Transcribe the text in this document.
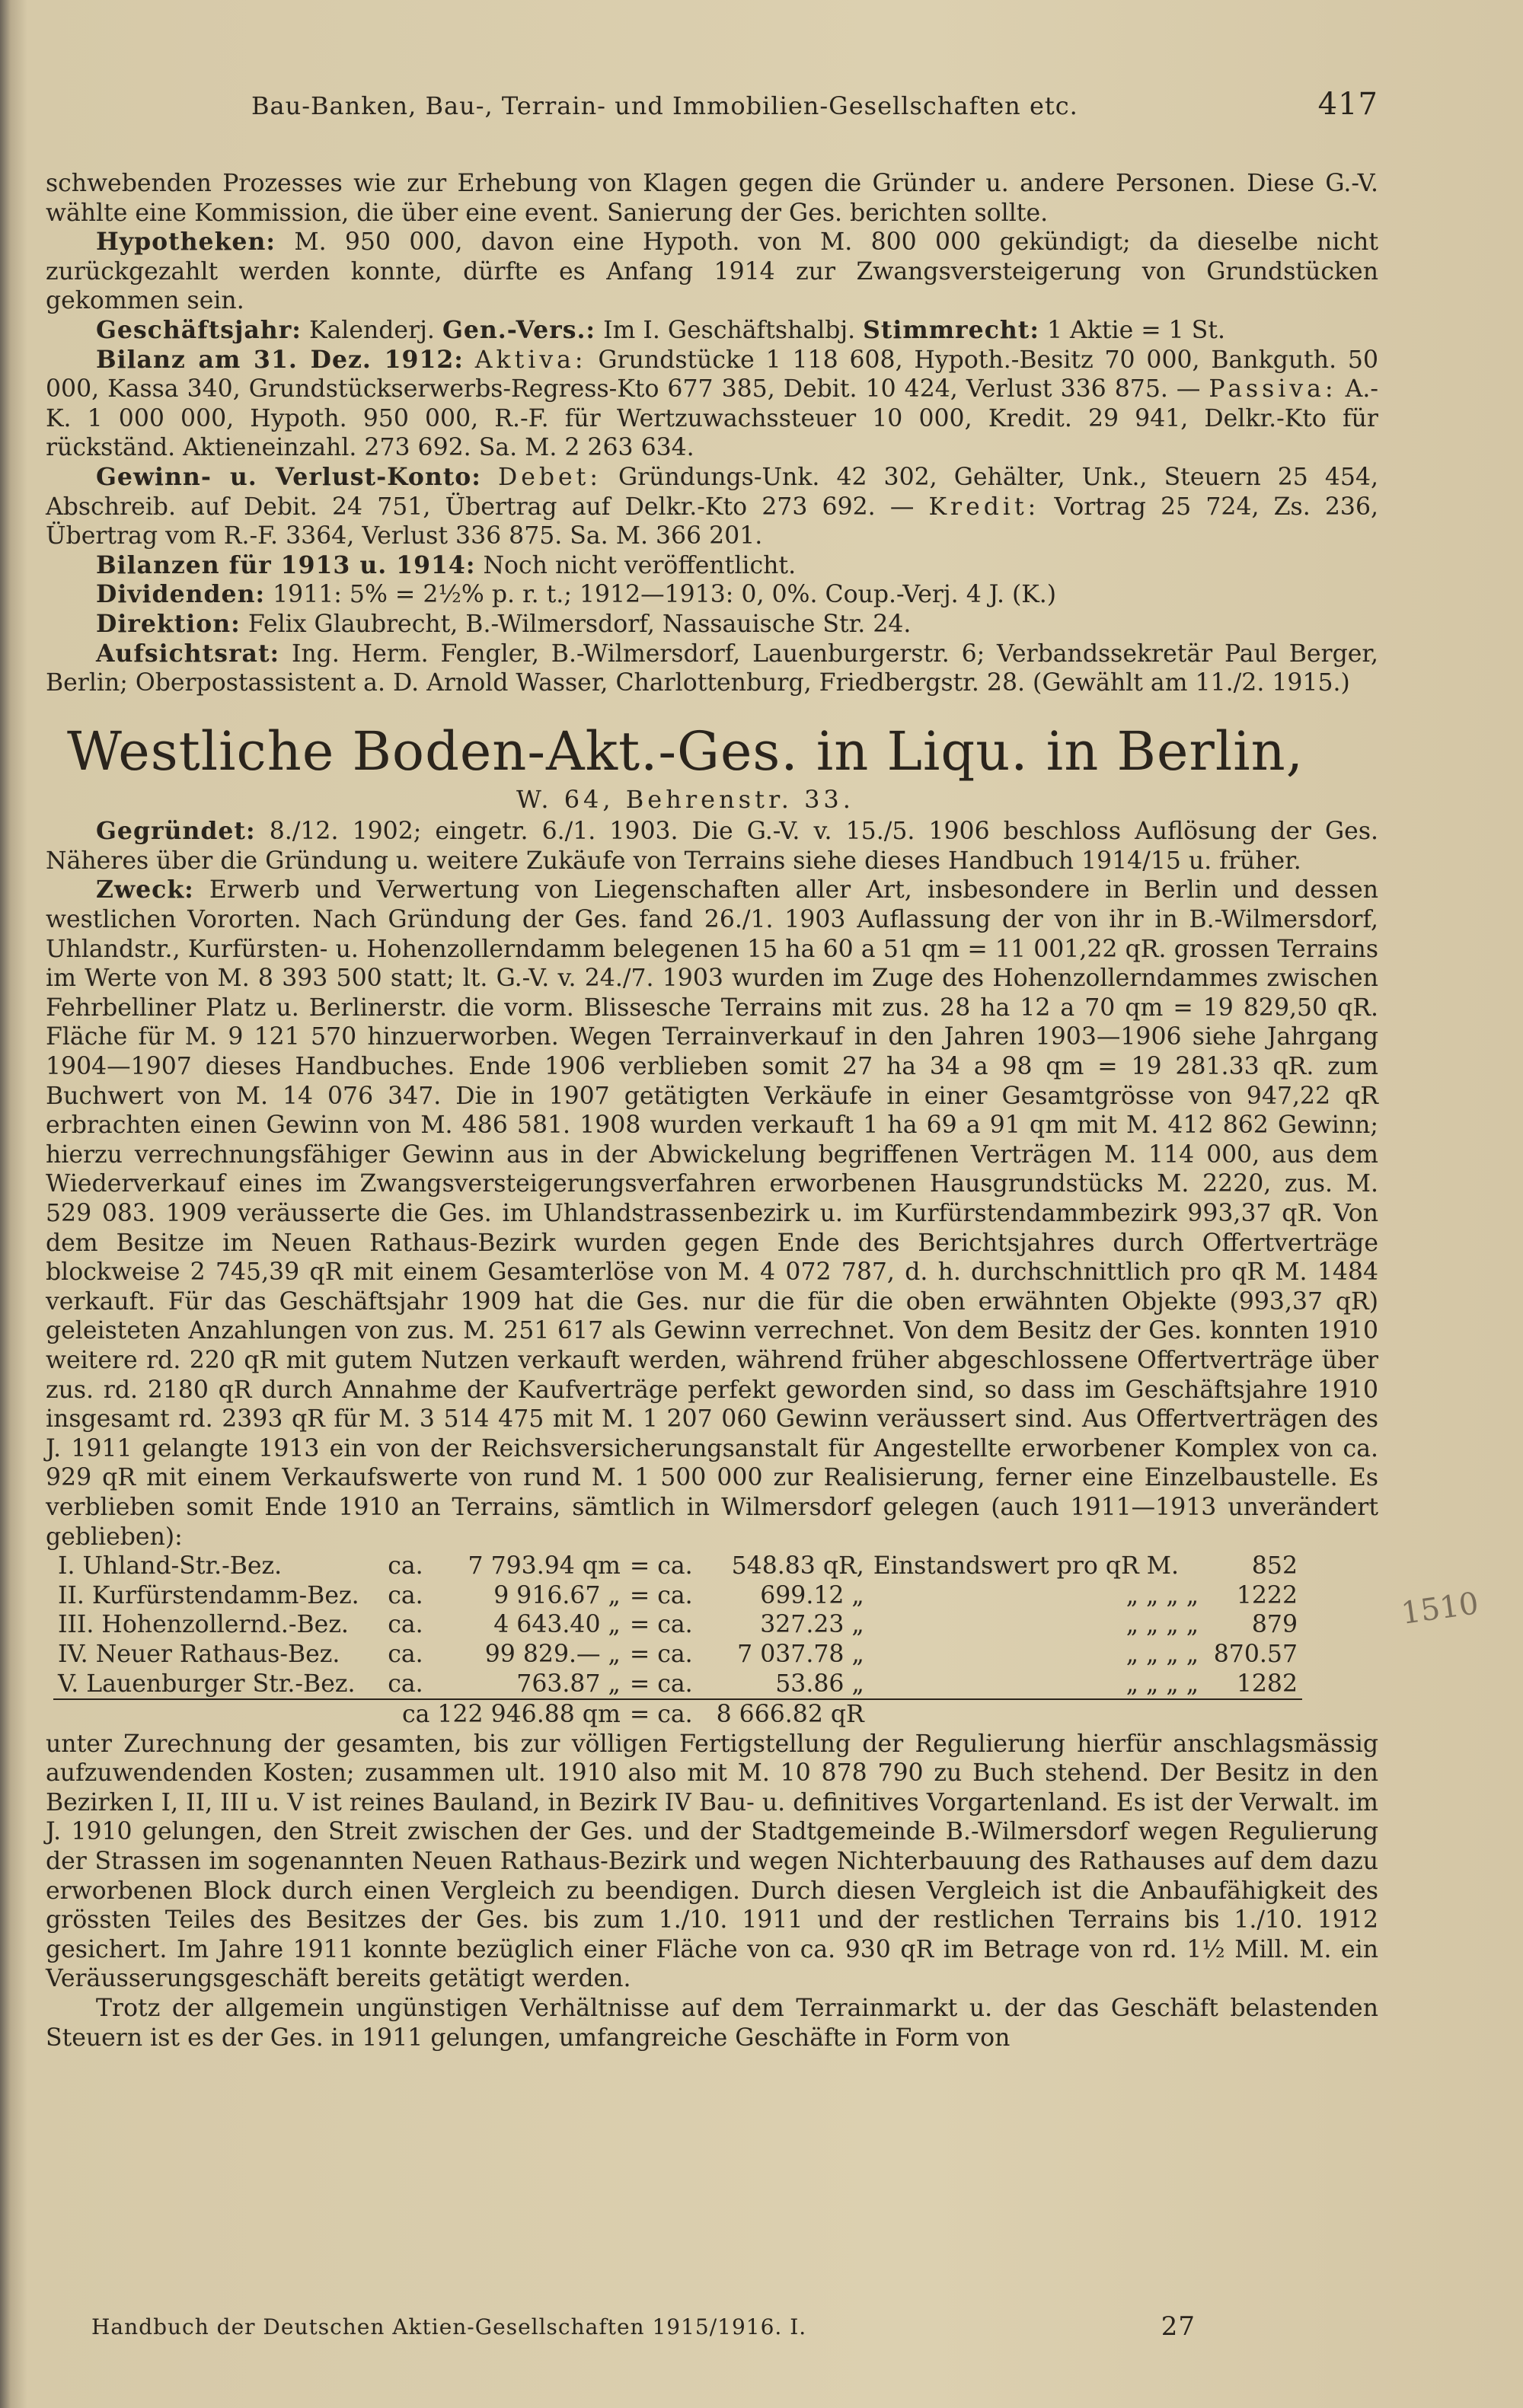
Bau-Banken, Bau-, Terrain- und Immobilien-Gesellschaften etc.	417

schwebenden Prozesses wie zur Erhebung von Klagen gegen die Gründer u. andere Personen. Diese G.-V. wählte eine Kommission, die über eine event. Sanierung der Ges. berichten sollte.

Hypotheken: M. 950 000, davon eine Hypoth. von M. 800 000 gekündigt; da dieselbe nicht zurückgezahlt werden konnte, dürfte es Anfang 1914 zur Zwangsversteigerung von Grundstücken gekommen sein.

Geschäftsjahr: Kalenderj. Gen.-Vers.: Im I. Geschäftshalbj. Stimmrecht: 1 Aktie = 1 St.

Bilanz am 31. Dez. 1912: Aktiva: Grundstücke 1 118 608, Hypoth.-Besitz 70 000, Bankguth. 50 000, Kassa 340, Grundstückserwerbs-Regress-Kto 677 385, Debit. 10 424, Verlust 336 875. — Passiva: A.-K. 1 000 000, Hypoth. 950 000, R.-F. für Wertzuwachssteuer 10 000, Kredit. 29 941, Delkr.-Kto für rückständ. Aktieneinzahl. 273 692. Sa. M. 2 263 634.

Gewinn- u. Verlust-Konto: Debet: Gründungs-Unk. 42 302, Gehälter, Unk., Steuern 25 454, Abschreib. auf Debit. 24 751, Übertrag auf Delkr.-Kto 273 692. — Kredit: Vortrag 25 724, Zs. 236, Übertrag vom R.-F. 3364, Verlust 336 875. Sa. M. 366 201.

Bilanzen für 1913 u. 1914: Noch nicht veröffentlicht.

Dividenden: 1911: 5% = 2½% p. r. t.; 1912—1913: 0, 0%. Coup.-Verj. 4 J. (K.)

Direktion: Felix Glaubrecht, B.-Wilmersdorf, Nassauische Str. 24.

Aufsichtsrat: Ing. Herm. Fengler, B.-Wilmersdorf, Lauenburgerstr. 6; Verbandssekretär Paul Berger, Berlin; Oberpostassistent a. D. Arnold Wasser, Charlottenburg, Friedbergstr. 28. (Gewählt am 11./2. 1915.)

Westliche Boden-Akt.-Ges. in Liqu. in Berlin,
W. 64, Behrenstr. 33.

Gegründet: 8./12. 1902; eingetr. 6./1. 1903. Die G.-V. v. 15./5. 1906 beschloss Auflösung der Ges. Näheres über die Gründung u. weitere Zukäufe von Terrains siehe dieses Handbuch 1914/15 u. früher.

Zweck: Erwerb und Verwertung von Liegenschaften aller Art, insbesondere in Berlin und dessen westlichen Vororten. Nach Gründung der Ges. fand 26./1. 1903 Auflassung der von ihr in B.-Wilmersdorf, Uhlandstr., Kurfürsten- u. Hohenzollerndamm belegenen 15 ha 60 a 51 qm = 11 001,22 qR. grossen Terrains im Werte von M. 8 393 500 statt; lt. G.-V. v. 24./7. 1903 wurden im Zuge des Hohenzollerndammes zwischen Fehrbelliner Platz u. Berlinerstr. die vorm. Blissesche Terrains mit zus. 28 ha 12 a 70 qm = 19 829,50 qR. Fläche für M. 9 121 570 hinzuerworben. Wegen Terrainverkauf in den Jahren 1903—1906 siehe Jahrgang 1904—1907 dieses Handbuches. Ende 1906 verblieben somit 27 ha 34 a 98 qm = 19 281.33 qR. zum Buchwert von M. 14 076 347. Die in 1907 getätigten Verkäufe in einer Gesamtgrösse von 947,22 qR erbrachten einen Gewinn von M. 486 581. 1908 wurden verkauft 1 ha 69 a 91 qm mit M. 412 862 Gewinn; hierzu verrechnungsfähiger Gewinn aus in der Abwickelung begriffenen Verträgen M. 114 000, aus dem Wiederverkauf eines im Zwangsversteigerungsverfahren erworbenen Hausgrundstücks M. 2220, zus. M. 529 083. 1909 veräusserte die Ges. im Uhlandstrassenbezirk u. im Kurfürstendammbezirk 993,37 qR. Von dem Besitze im Neuen Rathaus-Bezirk wurden gegen Ende des Berichtsjahres durch Offertverträge blockweise 2 745,39 qR mit einem Gesamterlöse von M. 4 072 787, d. h. durchschnittlich pro qR M. 1484 verkauft. Für das Geschäftsjahr 1909 hat die Ges. nur die für die oben erwähnten Objekte (993,37 qR) geleisteten Anzahlungen von zus. M. 251 617 als Gewinn verrechnet. Von dem Besitz der Ges. konnten 1910 weitere rd. 220 qR mit gutem Nutzen verkauft werden, während früher abgeschlossene Offertverträge über zus. rd. 2180 qR durch Annahme der Kaufverträge perfekt geworden sind, so dass im Geschäftsjahre 1910 insgesamt rd. 2393 qR für M. 3 514 475 mit M. 1 207 060 Gewinn veräussert sind. Aus Offertverträgen des J. 1911 gelangte 1913 ein von der Reichsversicherungsanstalt für Angestellte erworbener Komplex von ca. 929 qR mit einem Verkaufswerte von rund M. 1 500 000 zur Realisierung, ferner eine Einzelbaustelle. Es verblieben somit Ende 1910 an Terrains, sämtlich in Wilmersdorf gelegen (auch 1911—1913 unverändert geblieben):

I. Uhland-Str.-Bez.	ca.	7 793.94 qm	= ca.	548.83 qR,	Einstandswert pro qR M.	852
II. Kurfürstendamm-Bez.	ca.	9 916.67 „	= ca.	699.12 „	„ „ „ „	1222
III. Hohenzollernd.-Bez.	ca.	4 643.40 „	= ca.	327.23 „	„ „ „ „	879
IV. Neuer Rathaus-Bez.	ca.	99 829.— „	= ca.	7 037.78 „	„ „ „ „	870.57
V. Lauenburger Str.-Bez.	ca.	763.87 „	= ca.	53.86 „	„ „ „ „	1282
	ca 122 946.88 qm		= ca.	8 666.82 qR		

unter Zurechnung der gesamten, bis zur völligen Fertigstellung der Regulierung hierfür anschlagsmässig aufzuwendenden Kosten; zusammen ult. 1910 also mit M. 10 878 790 zu Buch stehend. Der Besitz in den Bezirken I, II, III u. V ist reines Bauland, in Bezirk IV Bau- u. definitives Vorgartenland. Es ist der Verwalt. im J. 1910 gelungen, den Streit zwischen der Ges. und der Stadtgemeinde B.-Wilmersdorf wegen Regulierung der Strassen im sogenannten Neuen Rathaus-Bezirk und wegen Nichterbauung des Rathauses auf dem dazu erworbenen Block durch einen Vergleich zu beendigen. Durch diesen Vergleich ist die Anbaufähigkeit des grössten Teiles des Besitzes der Ges. bis zum 1./10. 1911 und der restlichen Terrains bis 1./10. 1912 gesichert. Im Jahre 1911 konnte bezüglich einer Fläche von ca. 930 qR im Betrage von rd. 1½ Mill. M. ein Veräusserungsgeschäft bereits getätigt werden.

Trotz der allgemein ungünstigen Verhältnisse auf dem Terrainmarkt u. der das Geschäft belastenden Steuern ist es der Ges. in 1911 gelungen, umfangreiche Geschäfte in Form von

1510
Handbuch der Deutschen Aktien-Gesellschaften 1915/1916. I.	27
